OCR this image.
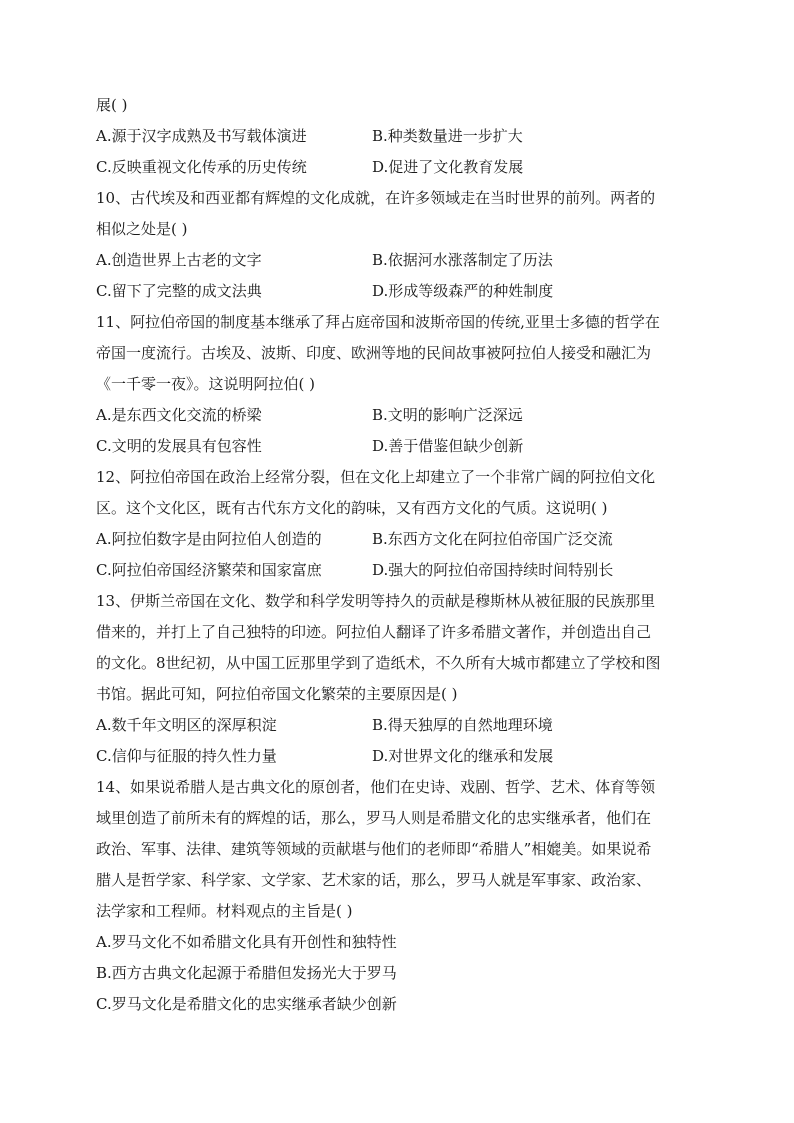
展( )
A.源于汉字成熟及书写载体演进	B.种类数量进一步扩大
C.反映重视文化传承的历史传统	D.促进了文化教育发展
10、古代埃及和西亚都有辉煌的文化成就，在许多领域走在当时世界的前列。两者的
相似之处是( )
A.创造世界上古老的文字	B.依据河水涨落制定了历法
C.留下了完整的成文法典	D.形成等级森严的种姓制度
11、阿拉伯帝国的制度基本继承了拜占庭帝国和波斯帝国的传统,亚里士多德的哲学在
帝国一度流行。古埃及、波斯、印度、欧洲等地的民间故事被阿拉伯人接受和融汇为
《一千零一夜》。这说明阿拉伯( )
A.是东西文化交流的桥梁	B.文明的影响广泛深远
C.文明的发展具有包容性	D.善于借鉴但缺少创新
12、阿拉伯帝国在政治上经常分裂，但在文化上却建立了一个非常广阔的阿拉伯文化
区。这个文化区，既有古代东方文化的韵味，又有西方文化的气质。这说明( )
A.阿拉伯数字是由阿拉伯人创造的	B.东西方文化在阿拉伯帝国广泛交流
C.阿拉伯帝国经济繁荣和国家富庶	D.强大的阿拉伯帝国持续时间特别长
13、伊斯兰帝国在文化、数学和科学发明等持久的贡献是穆斯林从被征服的民族那里
借来的，并打上了自己独特的印迹。阿拉伯人翻译了许多希腊文著作，并创造出自己
的文化。8世纪初，从中国工匠那里学到了造纸术，不久所有大城市都建立了学校和图
书馆。据此可知，阿拉伯帝国文化繁荣的主要原因是( )
A.数千年文明区的深厚积淀	B.得天独厚的自然地理环境
C.信仰与征服的持久性力量	D.对世界文化的继承和发展
14、如果说希腊人是古典文化的原创者，他们在史诗、戏剧、哲学、艺术、体育等领
域里创造了前所未有的辉煌的话，那么，罗马人则是希腊文化的忠实继承者，他们在
政治、军事、法律、建筑等领域的贡献堪与他们的老师即“希腊人”相媲美。如果说希
腊人是哲学家、科学家、文学家、艺术家的话，那么，罗马人就是军事家、政治家、
法学家和工程师。材料观点的主旨是( )
A.罗马文化不如希腊文化具有开创性和独特性
B.西方古典文化起源于希腊但发扬光大于罗马
C.罗马文化是希腊文化的忠实继承者缺少创新
